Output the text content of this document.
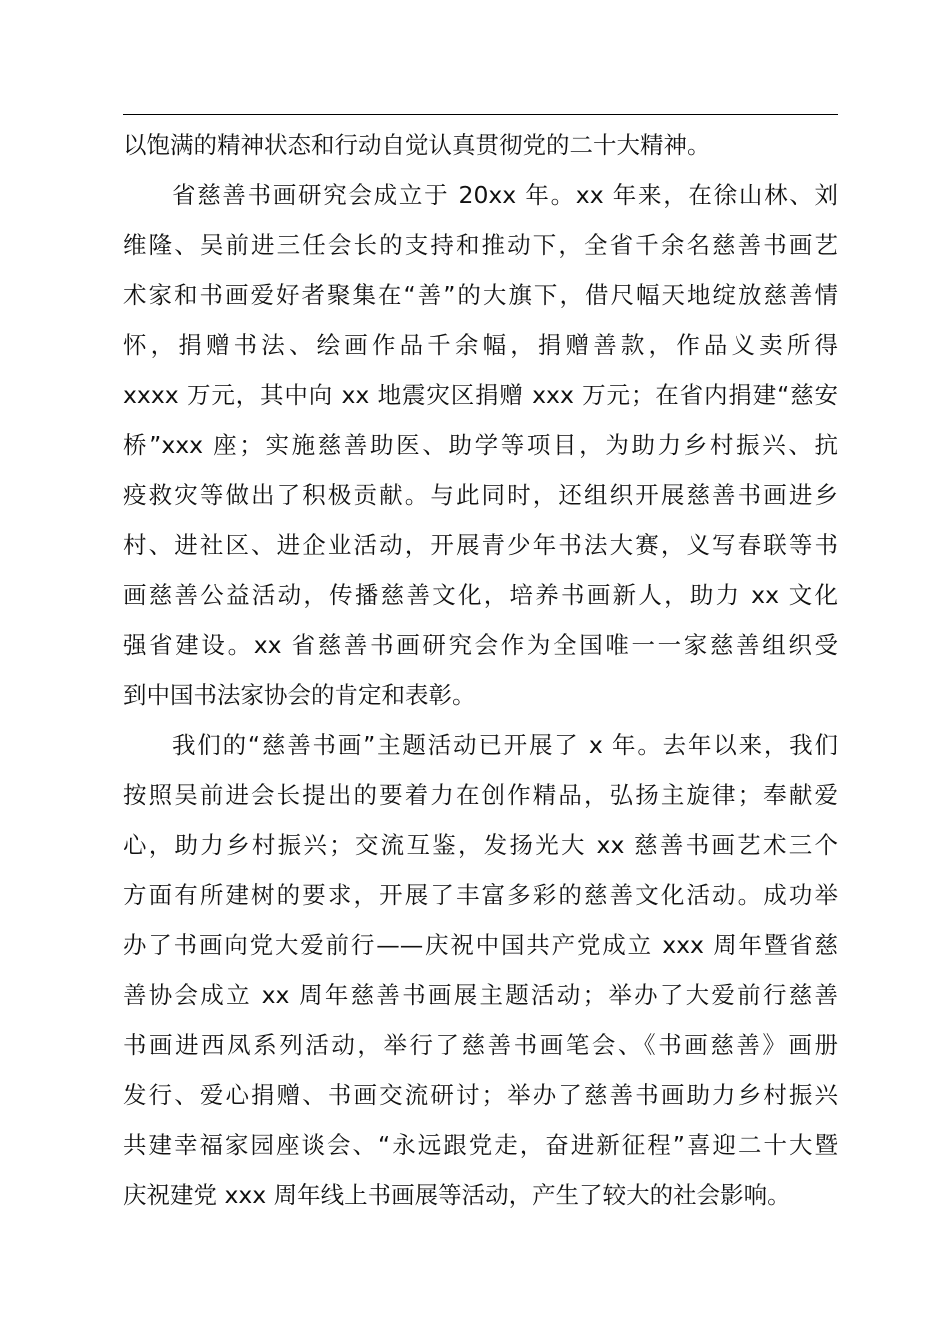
以饱满的精神状态和行动自觉认真贯彻党的二十大精神。
省慈善书画研究会成立于 20xx 年。xx 年来，在徐山林、刘
维隆、吴前进三任会长的支持和推动下，全省千余名慈善书画艺
术家和书画爱好者聚集在“善”的大旗下，借尺幅天地绽放慈善情
怀，捐赠书法、绘画作品千余幅，捐赠善款，作品义卖所得
xxxx 万元，其中向 xx 地震灾区捐赠 xxx 万元；在省内捐建“慈安
桥”xxx 座；实施慈善助医、助学等项目，为助力乡村振兴、抗
疫救灾等做出了积极贡献。与此同时，还组织开展慈善书画进乡
村、进社区、进企业活动，开展青少年书法大赛，义写春联等书
画慈善公益活动，传播慈善文化，培养书画新人，助力 xx 文化
强省建设。xx 省慈善书画研究会作为全国唯一一家慈善组织受
到中国书法家协会的肯定和表彰。
我们的“慈善书画”主题活动已开展了 x 年。去年以来，我们
按照吴前进会长提出的要着力在创作精品，弘扬主旋律；奉献爱
心，助力乡村振兴；交流互鉴，发扬光大 xx 慈善书画艺术三个
方面有所建树的要求，开展了丰富多彩的慈善文化活动。成功举
办了书画向党大爱前行——庆祝中国共产党成立 xxx 周年暨省慈
善协会成立 xx 周年慈善书画展主题活动；举办了大爱前行慈善
书画进西凤系列活动，举行了慈善书画笔会、《书画慈善》画册
发行、爱心捐赠、书画交流研讨；举办了慈善书画助力乡村振兴
共建幸福家园座谈会、“永远跟党走，奋进新征程”喜迎二十大暨
庆祝建党 xxx 周年线上书画展等活动，产生了较大的社会影响。
